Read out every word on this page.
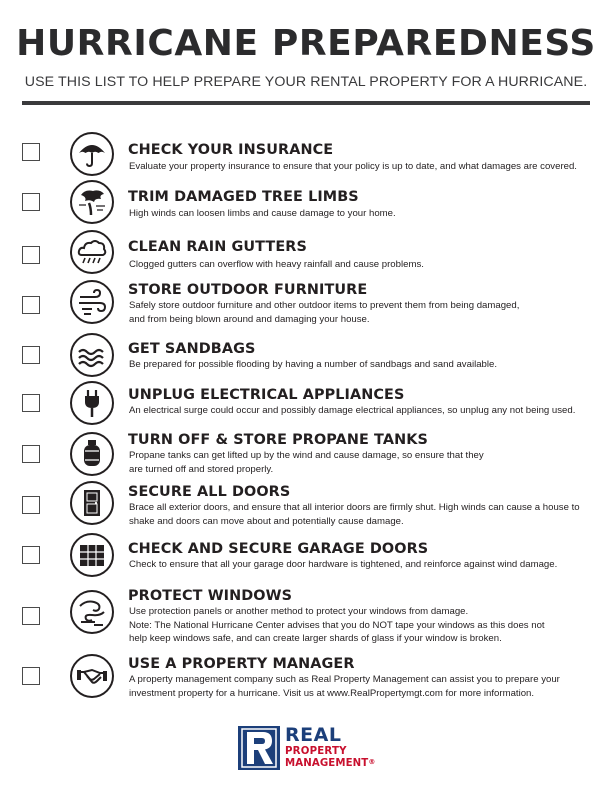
HURRICANE PREPAREDNESS
USE THIS LIST TO HELP PREPARE YOUR RENTAL PROPERTY FOR A HURRICANE.
CHECK YOUR INSURANCE
Evaluate your property insurance to ensure that your policy is up to date, and what damages are covered.
TRIM DAMAGED TREE LIMBS
High winds can loosen limbs and cause damage to your home.
CLEAN RAIN GUTTERS
Clogged gutters can overflow with heavy rainfall and cause problems.
STORE OUTDOOR FURNITURE
Safely store outdoor furniture and other outdoor items to prevent them from being damaged,
and from being blown around and damaging your house.
GET SANDBAGS
Be prepared for possible flooding by having a number of sandbags and sand available.
UNPLUG ELECTRICAL APPLIANCES
An electrical surge could occur and possibly damage electrical appliances, so unplug any not being used.
TURN OFF & STORE PROPANE TANKS
Propane tanks can get lifted up by the wind and cause damage, so ensure that they
are turned off and stored properly.
SECURE ALL DOORS
Brace all exterior doors, and ensure that all interior doors are firmly shut. High winds can cause a house to
shake and doors can move about and potentially cause damage.
CHECK AND SECURE GARAGE DOORS
Check to ensure that all your garage door hardware is tightened, and reinforce against wind damage.
PROTECT WINDOWS
Use protection panels or another method to protect your windows from damage.
Note: The National Hurricane Center advises that you do NOT tape your windows as this does not
help keep windows safe, and can create larger shards of glass if your window is broken.
USE A PROPERTY MANAGER
A property management company such as Real Property Management can assist you to prepare your
investment property for a hurricane. Visit us at www.RealPropertymgt.com for more information.
REAL
PROPERTY
MANAGEMENT®
